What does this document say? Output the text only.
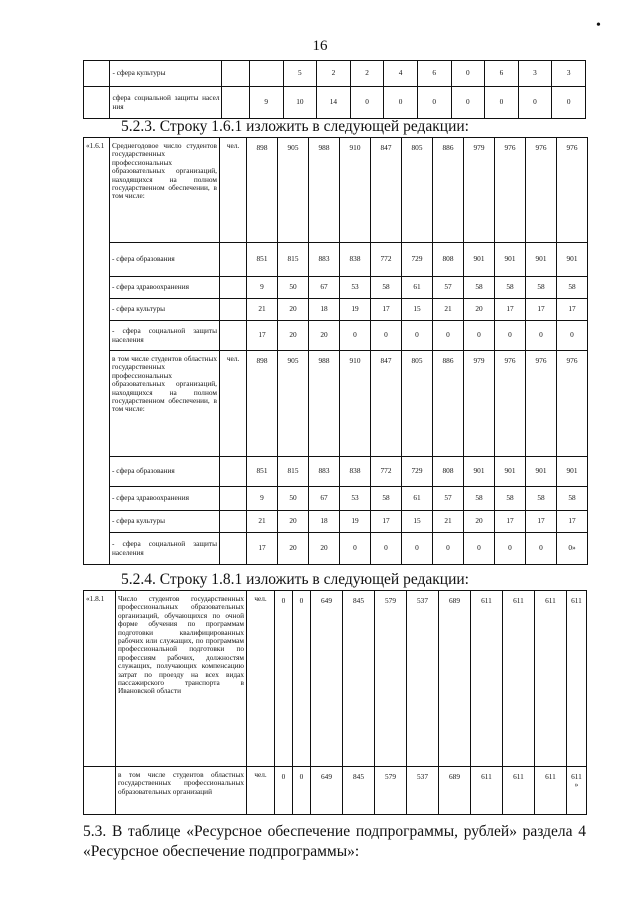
•
16
	- сфера культуры			5	2	2	4	6	0	6	3	3
	сфера социальной защиты насел ния		9	10	14	0	0	0	0	0	0	0
5.2.3. Строку 1.6.1 изложить в следующей редакции:
«1.6.1	Среднегодовое число студентов государственных профессиональных образовательных организаций, находящихся на полном государственном обеспечении, в том числе:	чел.	898	905	988	910	847	805	886	979	976	976	976
	- сфера образования		851	815	883	838	772	729	808	901	901	901	901
	- сфера здравоохранения		9	50	67	53	58	61	57	58	58	58	58
	- сфера культуры		21	20	18	19	17	15	21	20	17	17	17
	- сфера социальной защиты населения		17	20	20	0	0	0	0	0	0	0	0
	в том числе студентов областных государственных профессиональных образовательных организаций, находящихся на полном государственном обеспечении, в том числе:	чел.	898	905	988	910	847	805	886	979	976	976	976
	- сфера образования		851	815	883	838	772	729	808	901	901	901	901
	- сфера здравоохранения		9	50	67	53	58	61	57	58	58	58	58
	- сфера культуры		21	20	18	19	17	15	21	20	17	17	17
	- сфера социальной защиты населения		17	20	20	0	0	0	0	0	0	0	0»
5.2.4. Строку 1.8.1 изложить в следующей редакции:
«1.8.1	Число студентов государственных профессиональных образовательных организаций, обучающихся по очной форме обучения по программам подготовки квалифицированных рабочих или служащих, по программам профессиональной подготовки по профессиям рабочих, должностям служащих, получающих компенсацию затрат по проезду на всех видах пассажирского транспорта в Ивановской области	чел.	0	0	649	845	579	537	689	611	611	611	611
	в том числе студентов областных государственных профессиональных образовательных организаций	чел.	0	0	649	845	579	537	689	611	611	611	611 »
5.3. В таблице «Ресурсное обеспечение подпрограммы, рублей» раздела 4 «Ресурсное обеспечение подпрограммы»:
